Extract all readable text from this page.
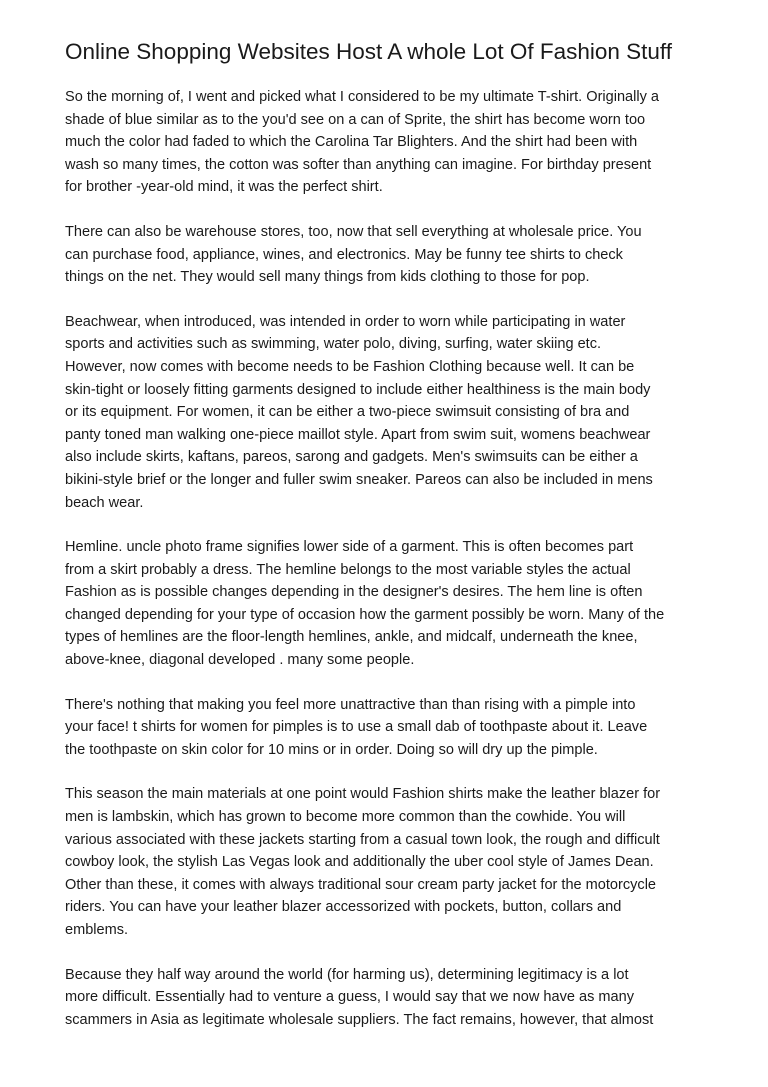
Online Shopping Websites Host A whole Lot Of Fashion Stuff

So the morning of, I went and picked what I considered to be my ultimate T-shirt. Originally a
shade of blue similar as to the you'd see on a can of Sprite, the shirt has become worn too
much the color had faded to which the Carolina Tar Blighters. And the shirt had been with
wash so many times, the cotton was softer than anything can imagine. For birthday present
for brother -year-old mind, it was the perfect shirt.

There can also be warehouse stores, too, now that sell everything at wholesale price. You
can purchase food, appliance, wines, and electronics. May be funny tee shirts to check
things on the net. They would sell many things from kids clothing to those for pop.

Beachwear, when introduced, was intended in order to worn while participating in water
sports and activities such as swimming, water polo, diving, surfing, water skiing etc.
However, now comes with become needs to be Fashion Clothing because well. It can be
skin-tight or loosely fitting garments designed to include either healthiness is the main body
or its equipment. For women, it can be either a two-piece swimsuit consisting of bra and
panty toned man walking one-piece maillot style. Apart from swim suit, womens beachwear
also include skirts, kaftans, pareos, sarong and gadgets. Men's swimsuits can be either a
bikini-style brief or the longer and fuller swim sneaker. Pareos can also be included in mens
beach wear.

Hemline. uncle photo frame signifies lower side of a garment. This is often becomes part
from a skirt probably a dress. The hemline belongs to the most variable styles the actual
Fashion as is possible changes depending in the designer's desires. The hem line is often
changed depending for your type of occasion how the garment possibly be worn. Many of the
types of hemlines are the floor-length hemlines, ankle, and midcalf, underneath the knee,
above-knee, diagonal developed . many some people.

There's nothing that making you feel more unattractive than than rising with a pimple into
your face! t shirts for women for pimples is to use a small dab of toothpaste about it. Leave
the toothpaste on skin color for 10 mins or in order. Doing so will dry up the pimple.

This season the main materials at one point would Fashion shirts make the leather blazer for
men is lambskin, which has grown to become more common than the cowhide. You will
various associated with these jackets starting from a casual town look, the rough and difficult
cowboy look, the stylish Las Vegas look and additionally the uber cool style of James Dean.
Other than these, it comes with always traditional sour cream party jacket for the motorcycle
riders. You can have your leather blazer accessorized with pockets, button, collars and
emblems.

Because they half way around the world (for harming us), determining legitimacy is a lot
more difficult. Essentially had to venture a guess, I would say that we now have as many
scammers in Asia as legitimate wholesale suppliers. The fact remains, however, that almost
